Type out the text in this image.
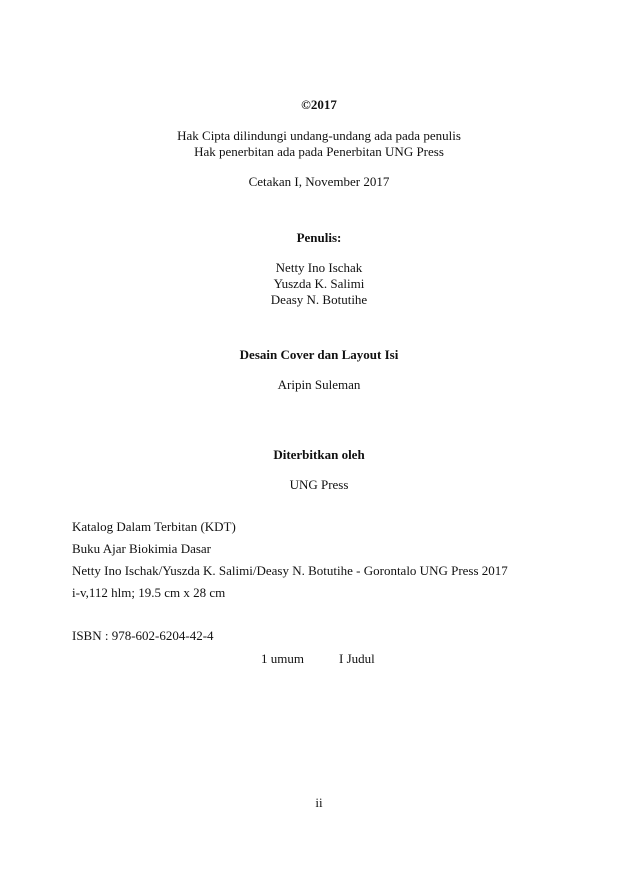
©2017
Hak Cipta dilindungi undang-undang ada pada penulis
Hak penerbitan ada pada Penerbitan UNG Press
Cetakan I, November 2017
Penulis:
Netty Ino Ischak
Yuszda K. Salimi
Deasy N. Botutihe
Desain Cover dan Layout Isi
Aripin Suleman
Diterbitkan oleh
UNG Press
Katalog Dalam Terbitan (KDT)
Buku Ajar Biokimia Dasar
Netty Ino Ischak/Yuszda K. Salimi/Deasy N. Botutihe - Gorontalo UNG Press 2017
i-v,112 hlm; 19.5 cm x 28 cm
ISBN : 978-602-6204-42-4
1 umum	I Judul
ii
